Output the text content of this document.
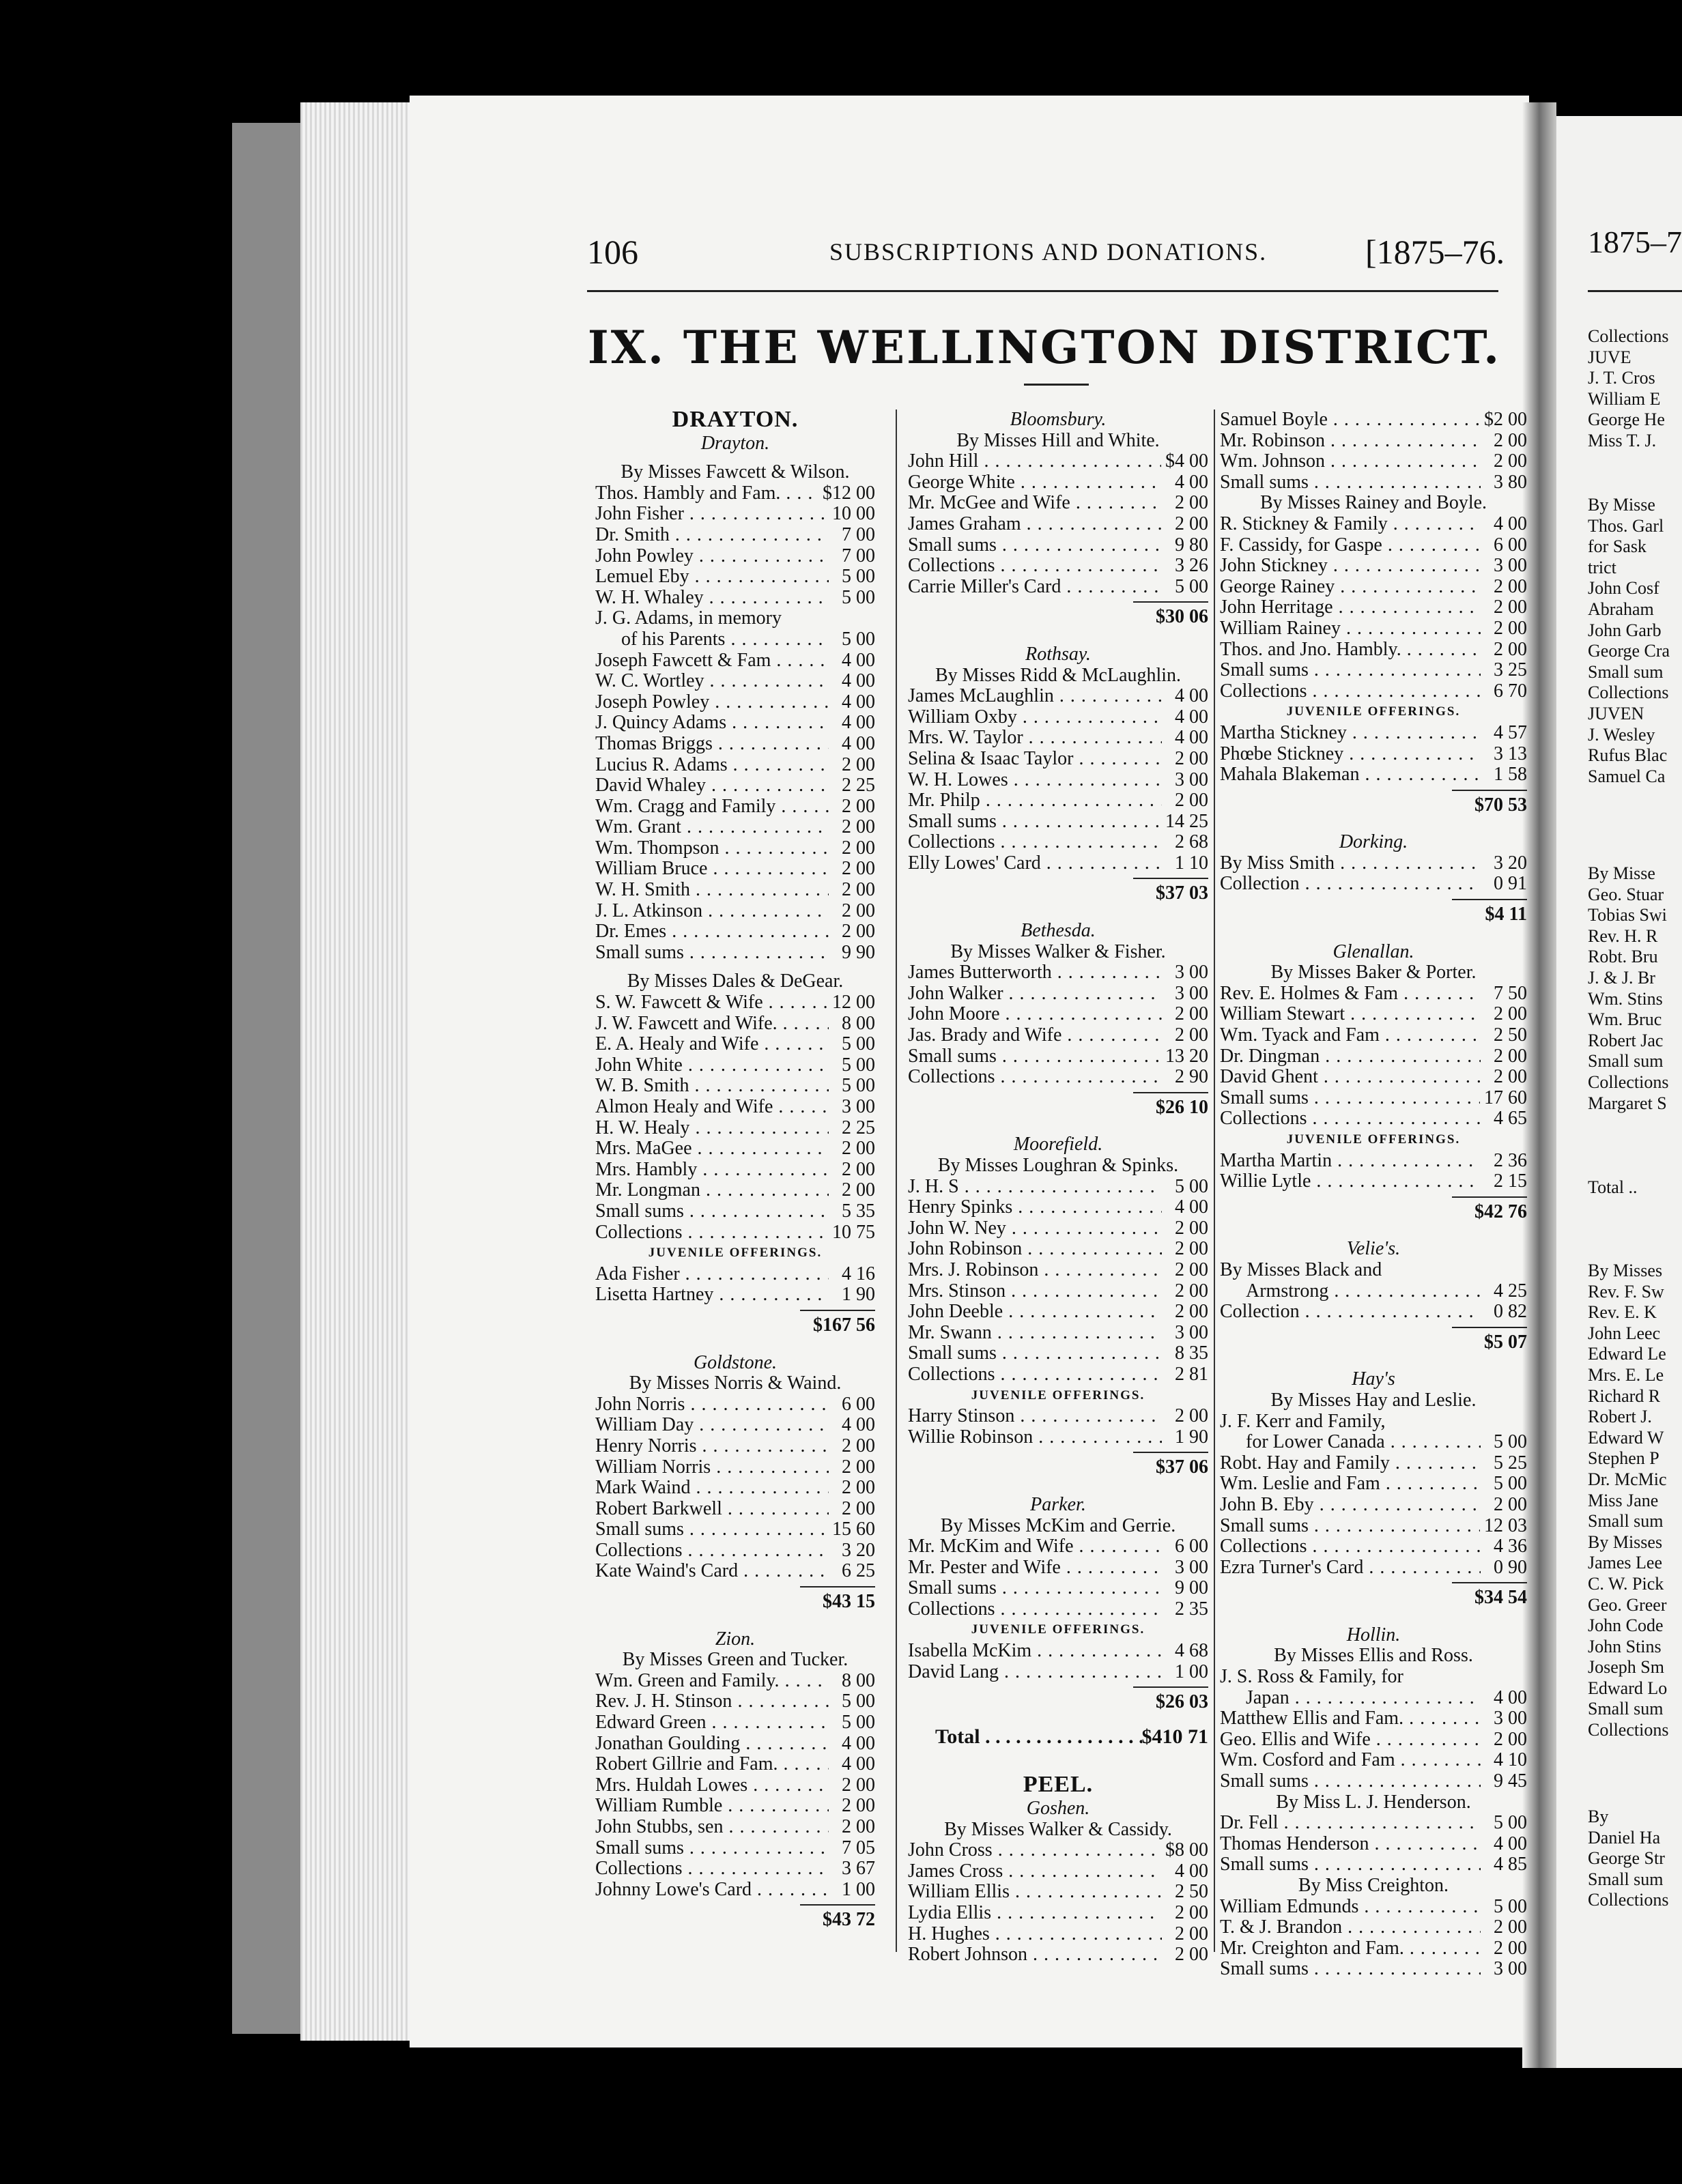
106	SUBSCRIPTIONS AND DONATIONS.	[1875–76.
IX. THE WELLINGTON DISTRICT.
DRAYTON.
Drayton.
By Misses Fawcett & Wilson.
Thos. Hambly and Fam. . . .	$12 00
John Fisher . . .	10 00
Dr. Smith . . .	7 00
John Powley . . .	7 00
Lemuel Eby . . .	5 00
W. H. Whaley . . .	5 00
J. G. Adams, in memory
of his Parents . . .	5 00
Joseph Fawcett & Fam . . .	4 00
W. C. Wortley . . .	4 00
Joseph Powley . . .	4 00
J. Quincy Adams . . .	4 00
Thomas Briggs . . .	4 00
Lucius R. Adams . . .	2 00
David Whaley . . .	2 25
Wm. Cragg and Family . . .	2 00
Wm. Grant . . .	2 00
Wm. Thompson . . .	2 00
William Bruce . . .	2 00
W. H. Smith . . .	2 00
J. L. Atkinson . . .	2 00
Dr. Emes . . .	2 00
Small sums . . .	9 90
By Misses Dales & DeGear.
S. W. Fawcett & Wife . . .	12 00
J. W. Fawcett and Wife. . . .	8 00
E. A. Healy and Wife . . .	5 00
John White . . .	5 00
W. B. Smith . . .	5 00
Almon Healy and Wife . . .	3 00
H. W. Healy . . .	2 25
Mrs. MaGee . . .	2 00
Mrs. Hambly . . .	2 00
Mr. Longman . . .	2 00
Small sums . . .	5 35
Collections . . .	10 75
JUVENILE OFFERINGS.
Ada Fisher . . .	4 16
Lisetta Hartney . . .	1 90
$167 56
Goldstone.
By Misses Norris & Waind.
John Norris . . .	6 00
William Day . . .	4 00
Henry Norris . . .	2 00
William Norris . . .	2 00
Mark Waind . . .	2 00
Robert Barkwell . . .	2 00
Small sums . . .	15 60
Collections . . .	3 20
Kate Waind's Card . . .	6 25
$43 15
Zion.
By Misses Green and Tucker.
Wm. Green and Family. . . .	8 00
Rev. J. H. Stinson . . .	5 00
Edward Green . . .	5 00
Jonathan Goulding . . .	4 00
Robert Gillrie and Fam. . . .	4 00
Mrs. Huldah Lowes . . .	2 00
William Rumble . . .	2 00
John Stubbs, sen . . .	2 00
Small sums . . .	7 05
Collections . . .	3 67
Johnny Lowe's Card . . .	1 00
$43 72
Bloomsbury.
By Misses Hill and White.
John Hill . . .	$4 00
George White . . .	4 00
Mr. McGee and Wife . . .	2 00
James Graham . . .	2 00
Small sums . . .	9 80
Collections . . .	3 26
Carrie Miller's Card . . .	5 00
$30 06
Rothsay.
By Misses Ridd & McLaughlin.
James McLaughlin . . .	4 00
William Oxby . . .	4 00
Mrs. W. Taylor . . .	4 00
Selina & Isaac Taylor . . .	2 00
W. H. Lowes . . .	3 00
Mr. Philp . . .	2 00
Small sums . . .	14 25
Collections . . .	2 68
Elly Lowes' Card . . .	1 10
$37 03
Bethesda.
By Misses Walker & Fisher.
James Butterworth . . .	3 00
John Walker . . .	3 00
John Moore . . .	2 00
Jas. Brady and Wife . . .	2 00
Small sums . . .	13 20
Collections . . .	2 90
$26 10
Moorefield.
By Misses Loughran & Spinks.
J. H. S . . .	5 00
Henry Spinks . . .	4 00
John W. Ney . . .	2 00
John Robinson . . .	2 00
Mrs. J. Robinson . . .	2 00
Mrs. Stinson . . .	2 00
John Deeble . . .	2 00
Mr. Swann . . .	3 00
Small sums . . .	8 35
Collections . . .	2 81
JUVENILE OFFERINGS.
Harry Stinson . . .	2 00
Willie Robinson . . .	1 90
$37 06
Parker.
By Misses McKim and Gerrie.
Mr. McKim and Wife . . .	6 00
Mr. Pester and Wife . . .	3 00
Small sums . . .	9 00
Collections . . .	2 35
JUVENILE OFFERINGS.
Isabella McKim . . .	4 68
David Lang . . .	1 00
$26 03
Total . . .	$410 71
PEEL.
Goshen.
By Misses Walker & Cassidy.
John Cross . . .	$8 00
James Cross . . .	4 00
William Ellis . . .	2 50
Lydia Ellis . . .	2 00
H. Hughes . . .	2 00
Robert Johnson . . .	2 00
Samuel Boyle . . .	$2 00
Mr. Robinson . . .	2 00
Wm. Johnson . . .	2 00
Small sums . . .	3 80
By Misses Rainey and Boyle.
R. Stickney & Family . . .	4 00
F. Cassidy, for Gaspe . . .	6 00
John Stickney . . .	3 00
George Rainey . . .	2 00
John Herritage . . .	2 00
William Rainey . . .	2 00
Thos. and Jno. Hambly. . . .	2 00
Small sums . . .	3 25
Collections . . .	6 70
JUVENILE OFFERINGS.
Martha Stickney . . .	4 57
Phœbe Stickney . . .	3 13
Mahala Blakeman . . .	1 58
$70 53
Dorking.
By Miss Smith . . .	3 20
Collection . . .	0 91
$4 11
Glenallan.
By Misses Baker & Porter.
Rev. E. Holmes & Fam . . .	7 50
William Stewart . . .	2 00
Wm. Tyack and Fam . . .	2 50
Dr. Dingman . . .	2 00
David Ghent . . .	2 00
Small sums . . .	17 60
Collections . . .	4 65
JUVENILE OFFERINGS.
Martha Martin . . .	2 36
Willie Lytle . . .	2 15
$42 76
Velie's.
By Misses Black and
Armstrong . . .	4 25
Collection . . .	0 82
$5 07
Hay's
By Misses Hay and Leslie.
J. F. Kerr and Family,
for Lower Canada . . .	5 00
Robt. Hay and Family . . .	5 25
Wm. Leslie and Fam . . .	5 00
John B. Eby . . .	2 00
Small sums . . .	12 03
Collections . . .	4 36
Ezra Turner's Card . . .	0 90
$34 54
Hollin.
By Misses Ellis and Ross.
J. S. Ross & Family, for
Japan . . .	4 00
Matthew Ellis and Fam. . . .	3 00
Geo. Ellis and Wife . . .	2 00
Wm. Cosford and Fam . . .	4 10
Small sums . . .	9 45
By Miss L. J. Henderson.
Dr. Fell . . .	5 00
Thomas Henderson . . .	4 00
Small sums . . .	4 85
By Miss Creighton.
William Edmunds . . .	5 00
T. & J. Brandon . . .	2 00
Mr. Creighton and Fam. . . .	2 00
Small sums . . .	3 00
1875–7
Collections
JUVE
J. T. Cros
William E
George He
Miss T. J.
By Misse
Thos. Garl
for Sask
trict
John Cosf
Abraham
John Garb
George Cra
Small sum
Collections
JUVEN
J. Wesley
Rufus Blac
Samuel Ca
By Misse
Geo. Stuar
Tobias Swi
Rev. H. R
Robt. Bru
J. & J. Br
Wm. Stins
Wm. Bruc
Robert Jac
Small sum
Collections
Margaret S
Total ..
By Misses
Rev. F. Sw
Rev. E. K
John Leec
Edward Le
Mrs. E. Le
Richard R
Robert J.
Edward W
Stephen P
Dr. McMic
Miss Jane
Small sum
By Misses
James Lee
C. W. Pick
Geo. Greer
John Code
John Stins
Joseph Sm
Edward Lo
Small sum
Collections
By
Daniel Ha
George Str
Small sum
Collections
